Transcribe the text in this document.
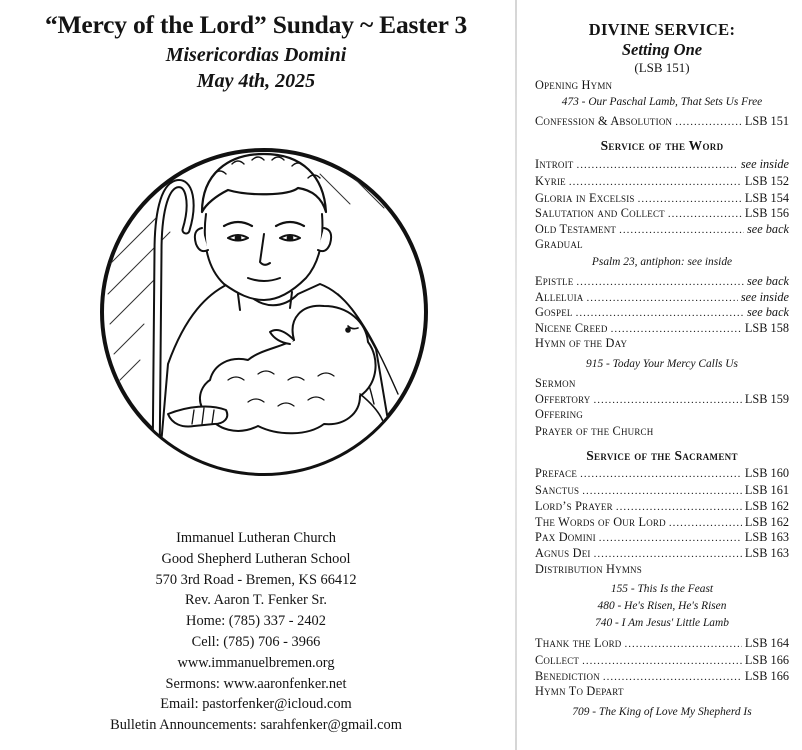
“Mercy of the Lord” Sunday ~ Easter 3
Misericordias Domini
May 4th, 2025
Immanuel Lutheran Church
Good Shepherd Lutheran School
570 3rd Road - Bremen, KS 66412
Rev. Aaron T. Fenker Sr.
Home: (785) 337 - 2402
Cell: (785) 706 - 3966
www.immanuelbremen.org
Sermons: www.aaronfenker.net
Email: pastorfenker@icloud.com
Bulletin Announcements: sarahfenker@gmail.com
DIVINE SERVICE:
Setting One
(LSB 151)
Opening Hymn
473 - Our Paschal Lamb, That Sets Us Free
Confession & Absolution .....	LSB 151
Service of the Word
Introit .....	see inside
Kyrie .....	LSB 152
Gloria in Excelsis .....	LSB 154
Salutation and Collect .....	LSB 156
Old Testament .....	see back
Gradual
Psalm 23, antiphon: see inside
Epistle .....	see back
Alleluia .....	see inside
Gospel .....	see back
Nicene Creed .....	LSB 158
Hymn of the Day
915 - Today Your Mercy Calls Us
Sermon
Offertory .....	LSB 159
Offering
Prayer of the Church
Service of the Sacrament
Preface .....	LSB 160
Sanctus .....	LSB 161
Lord’s Prayer .....	LSB 162
The Words of Our Lord .....	LSB 162
Pax Domini .....	LSB 163
Agnus Dei .....	LSB 163
Distribution Hymns
155 - This Is the Feast
480 - He's Risen, He's Risen
740 - I Am Jesus' Little Lamb
Thank the Lord .....	LSB 164
Collect .....	LSB 166
Benediction .....	LSB 166
Hymn To Depart
709 - The King of Love My Shepherd Is
